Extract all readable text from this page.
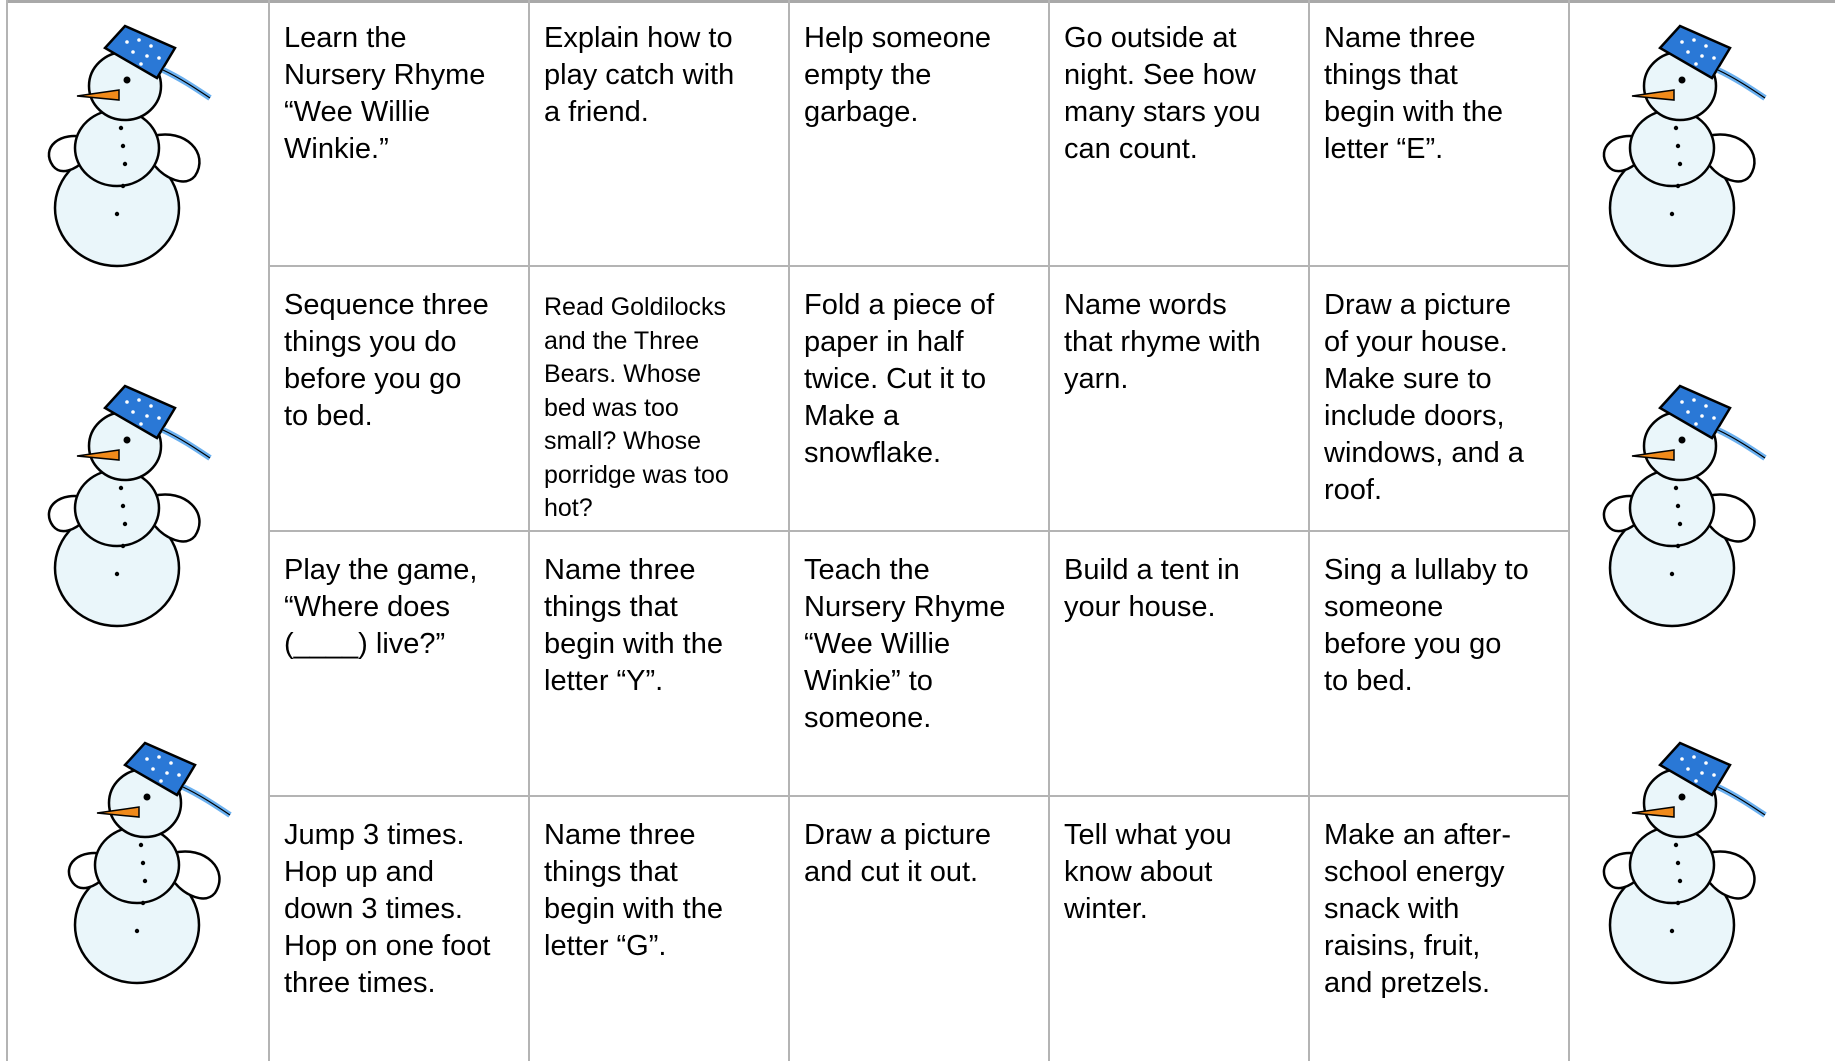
Learn the
Nursery Rhyme
“Wee Willie
Winkie.”
Explain how to
play catch with
a friend.
Help someone
empty the
garbage.
Go outside at
night. See how
many stars you
can count.
Name three
things that
begin with the
letter “E”.
Sequence three
things you do
before you go
to bed.
Read Goldilocks
and the Three
Bears. Whose
bed was too
small? Whose
porridge was too
hot?
Fold a piece of
paper in half
twice. Cut it to
Make a
snowflake.
Name words
that rhyme with
yarn.
Draw a picture
of your house.
Make sure to
include doors,
windows, and a
roof.
Play the game,
“Where does
(____) live?”
Name three
things that
begin with the
letter “Y”.
Teach the
Nursery Rhyme
“Wee Willie
Winkie” to
someone.
Build a tent in
your house.
Sing a lullaby to
someone
before you go
to bed.
Jump 3 times.
Hop up and
down 3 times.
Hop on one foot
three times.
Name three
things that
begin with the
letter “G”.
Draw a picture
and cut it out.
Tell what you
know about
winter.
Make an after-
school energy
snack with
raisins, fruit,
and pretzels.
